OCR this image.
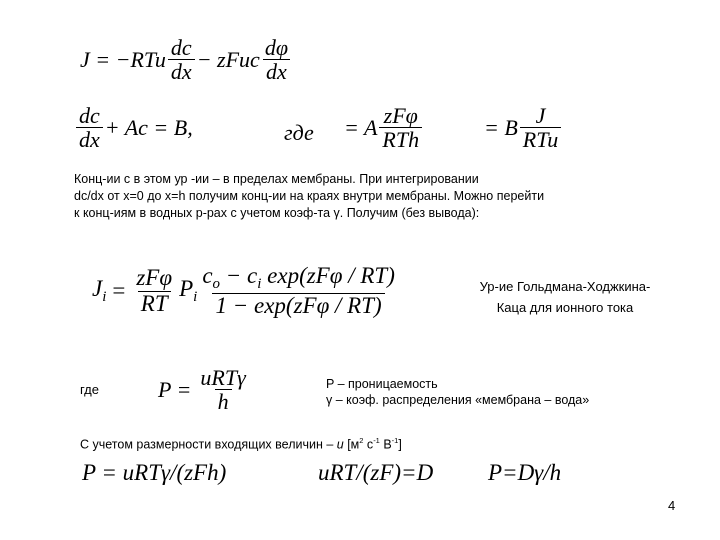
$J = -RTu \frac{dc}{dx}$ − zFuc $\frac{d\varphi}{dx}$
$\frac{dc}{dx} + Ac = B$,	где = A $\frac{\text{zFφ}}{\text{RTh}}$	= B $\frac{J}{\text{RTu}}$
Конц-ии с в этом ур -ии – в пределах мембраны. При интегрировании
dc/dx от x=0 до x=h получим конц-ии на краях внутри мембраны. Можно перейти
к конц-иям в водных р-рах с учетом коэф-та γ. Получим (без вывода):
$J_i = \frac{\text{zFφ}}{RT} P_i \frac{c_o - c_i \exp(zF\varphi / RT)}{\text{1 − exp(zFφ / RT)}}$	Ур-ие Гольдмана-Ходжкина-
Каца для ионного тока
где	$P = \frac{\text{uRTγ}}{h}$	P – проницаемость
γ – коэф. распределения «мембрана – вода»
С учетом размерности входящих величин – u [$м^2$ $с^{-1}$ $В^{-1}$]
P = uRTγ/(zFh)	uRT/(zF)=D P=Dγ/h
4
